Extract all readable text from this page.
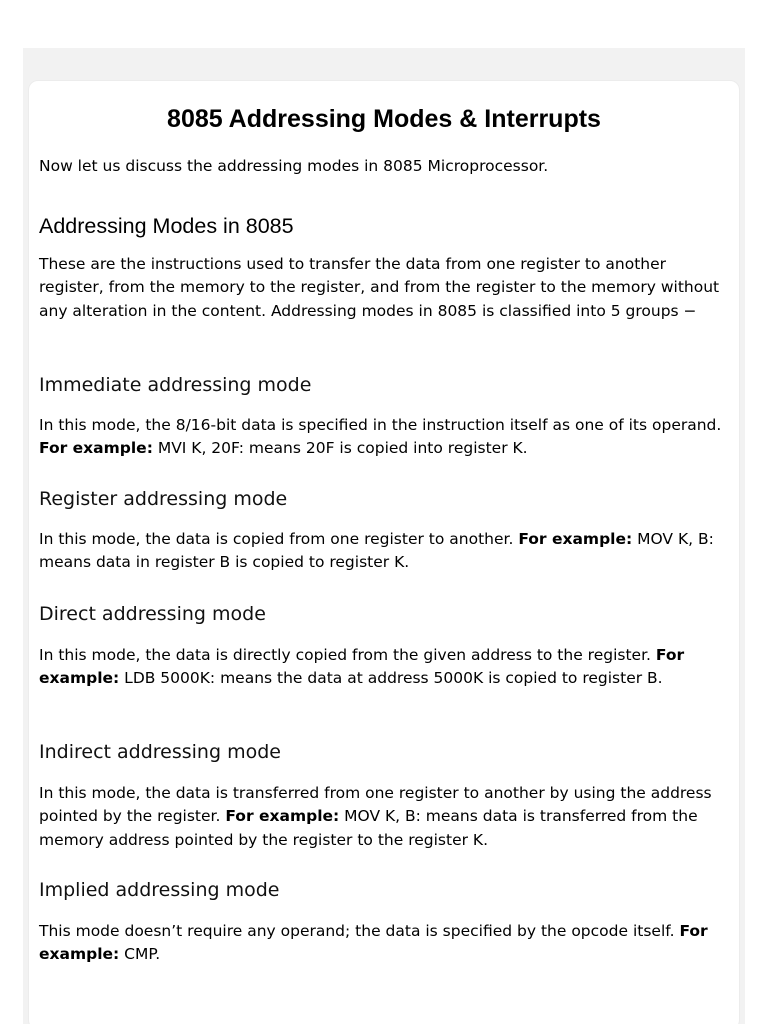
8085 Addressing Modes & Interrupts

Now let us discuss the addressing modes in 8085 Microprocessor.

Addressing Modes in 8085

These are the instructions used to transfer the data from one register to another register, from the memory to the register, and from the register to the memory without any alteration in the content. Addressing modes in 8085 is classified into 5 groups −

Immediate addressing mode

In this mode, the 8/16-bit data is specified in the instruction itself as one of its operand. For example: MVI K, 20F: means 20F is copied into register K.

Register addressing mode

In this mode, the data is copied from one register to another. For example: MOV K, B: means data in register B is copied to register K.

Direct addressing mode

In this mode, the data is directly copied from the given address to the register. For example: LDB 5000K: means the data at address 5000K is copied to register B.

Indirect addressing mode

In this mode, the data is transferred from one register to another by using the address pointed by the register. For example: MOV K, B: means data is transferred from the memory address pointed by the register to the register K.

Implied addressing mode

This mode doesn’t require any operand; the data is specified by the opcode itself. For example: CMP.
